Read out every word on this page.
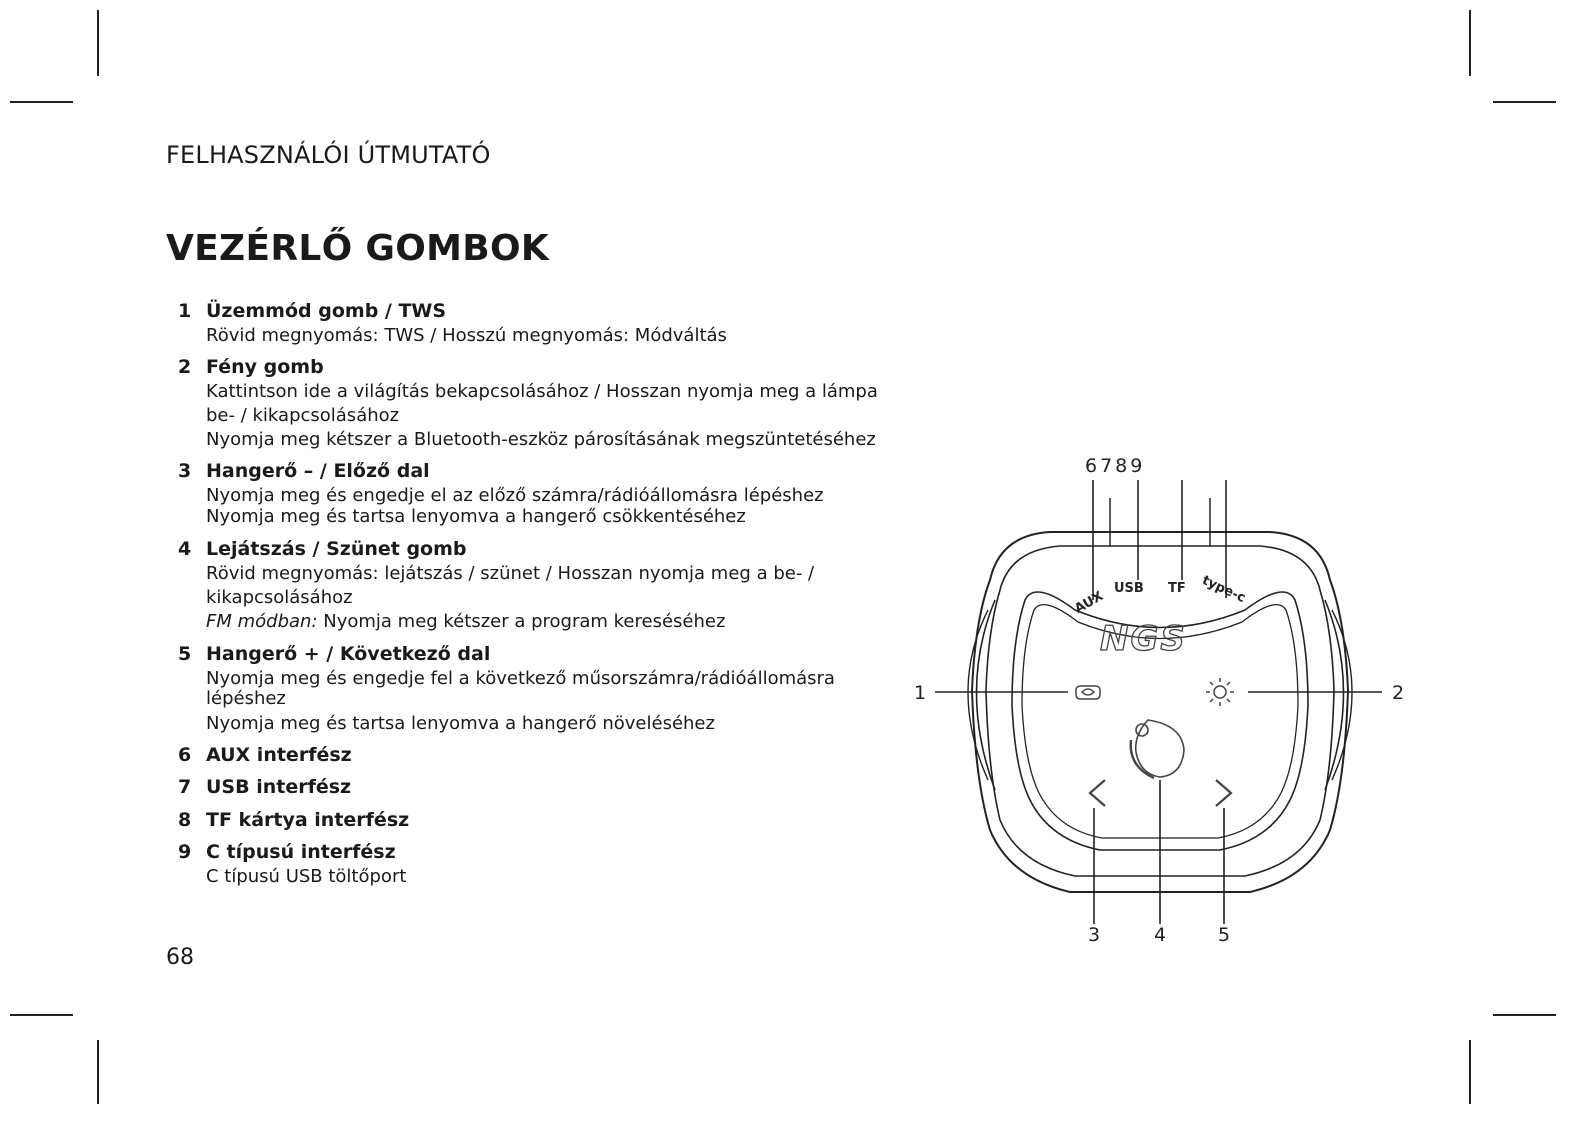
FELHASZNÁLÓI ÚTMUTATÓ
VEZÉRLŐ GOMBOK
1 Üzemmód gomb / TWS
Rövid megnyomás: TWS / Hosszú megnyomás: Módváltás
2 Fény gomb
Kattintson ide a világítás bekapcsolásához / Hosszan nyomja meg a lámpa
be- / kikapcsolásához
Nyomja meg kétszer a Bluetooth-eszköz párosításának megszüntetéséhez
3 Hangerő – / Előző dal
Nyomja meg és engedje el az előző számra/rádióállomásra lépéshez
Nyomja meg és tartsa lenyomva a hangerő csökkentéséhez
4 Lejátszás / Szünet gomb
Rövid megnyomás: lejátszás / szünet / Hosszan nyomja meg a be- /
kikapcsolásához
FM módban: Nyomja meg kétszer a program kereséséhez
5 Hangerő + / Következő dal
Nyomja meg és engedje fel a következő műsorszámra/rádióállomásra
lépéshez
Nyomja meg és tartsa lenyomva a hangerő növeléséhez
6 AUX interfész
7 USB interfész
8 TF kártya interfész
9 C típusú interfész
C típusú USB töltőport
68
AUX
USB TF type-c
NGS
6789
1	2
3	4	5
